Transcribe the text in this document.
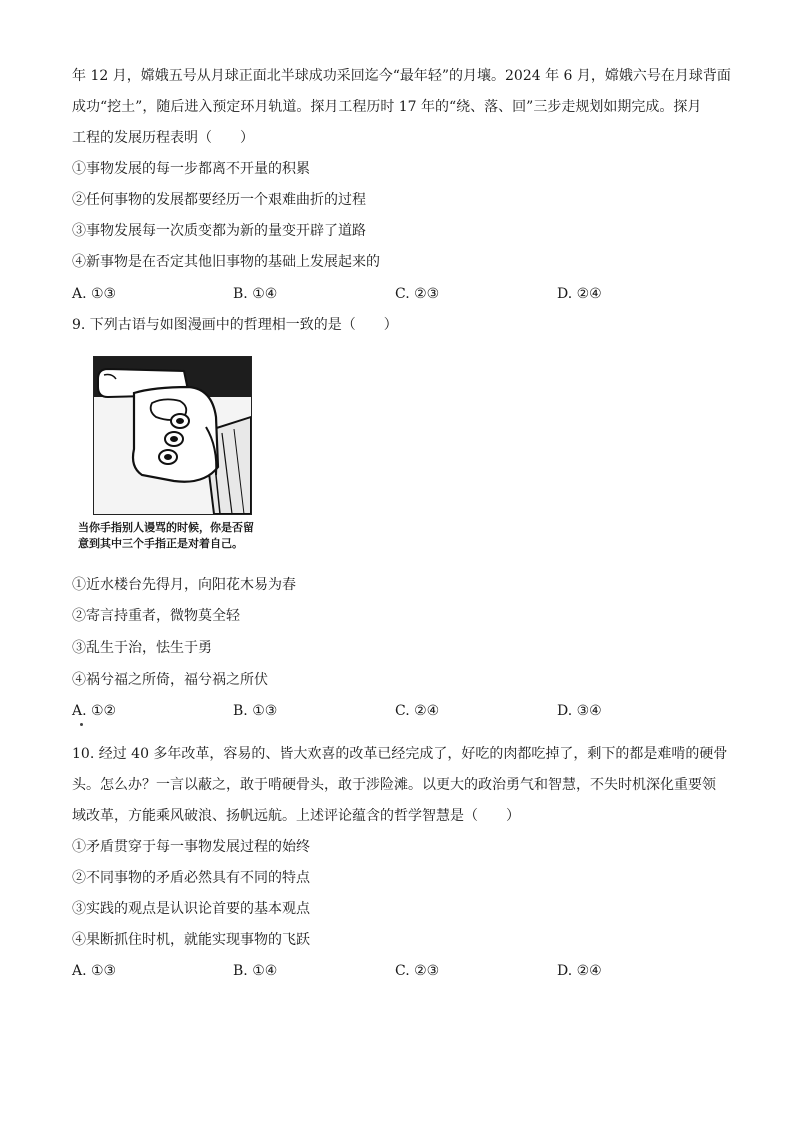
年 12 月，嫦娥五号从月球正面北半球成功采回迄今“最年轻”的月壤。2024 年 6 月，嫦娥六号在月球背面
成功“挖土”，随后进入预定环月轨道。探月工程历时 17 年的“绕、落、回”三步走规划如期完成。探月
工程的发展历程表明（　　）
①事物发展的每一步都离不开量的积累
②任何事物的发展都要经历一个艰难曲折的过程
③事物发展每一次质变都为新的量变开辟了道路
④新事物是在否定其他旧事物的基础上发展起来的
A. ①③	B. ①④	C. ②③	D. ②④
9. 下列古语与如图漫画中的哲理相一致的是（　　）
当你手指别人谩骂的时候，你是否留
意到其中三个手指正是对着自己。
①近水楼台先得月，向阳花木易为春
②寄言持重者，微物莫全轻
③乱生于治，怯生于勇
④祸兮福之所倚，福兮祸之所伏
A. ①②	B. ①③	C. ②④	D. ③④
10. 经过 40 多年改革，容易的、皆大欢喜的改革已经完成了，好吃的肉都吃掉了，剩下的都是难啃的硬骨
头。怎么办？一言以蔽之，敢于啃硬骨头，敢于涉险滩。以更大的政治勇气和智慧，不失时机深化重要领
域改革，方能乘风破浪、扬帆远航。上述评论蕴含的哲学智慧是（　　）
①矛盾贯穿于每一事物发展过程的始终
②不同事物的矛盾必然具有不同的特点
③实践的观点是认识论首要的基本观点
④果断抓住时机，就能实现事物的飞跃
A. ①③	B. ①④	C. ②③	D. ②④
